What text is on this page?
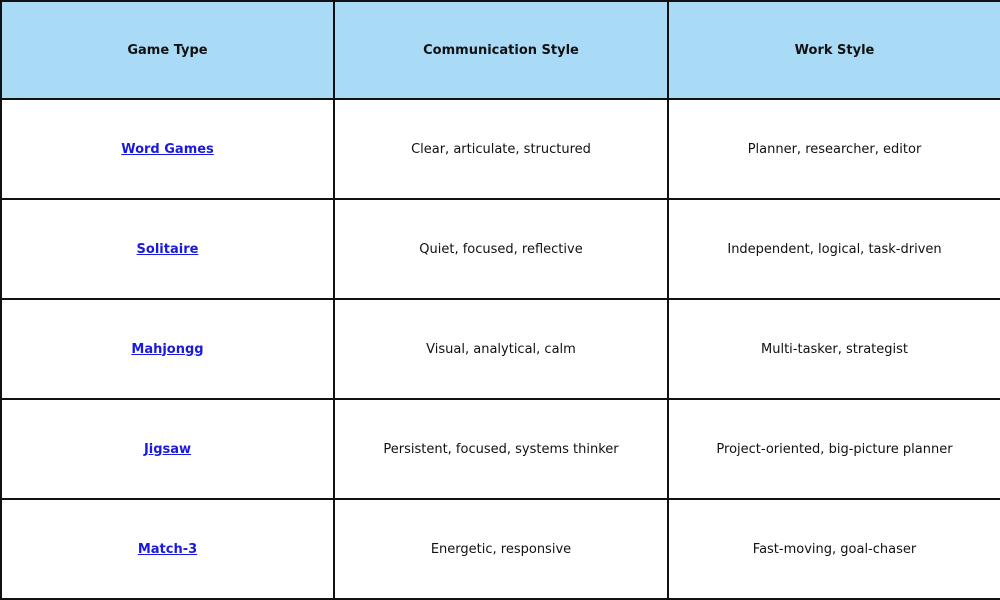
Game Type	Communication Style	Work Style
Word Games	Clear, articulate, structured	Planner, researcher, editor
Solitaire	Quiet, focused, reflective	Independent, logical, task-driven
Mahjongg	Visual, analytical, calm	Multi-tasker, strategist
Jigsaw	Persistent, focused, systems thinker	Project-oriented, big-picture planner
Match-3	Energetic, responsive	Fast-moving, goal-chaser
